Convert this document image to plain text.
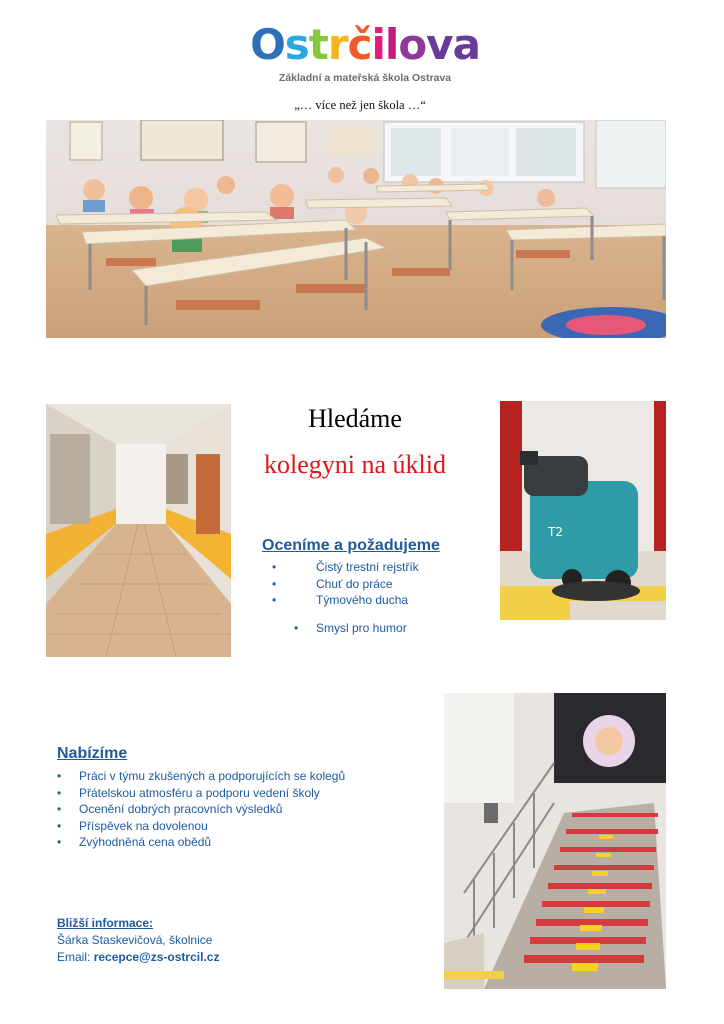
Ostrčilova
Základní a mateřská škola Ostrava
„… více než jen škola …“
Hledáme
kolegyni na úklid
T2
Oceníme a požadujeme
•	Čistý trestní rejstřík
•	Chuť do práce
•	Týmového ducha
• Smysl pro humor
Nabízíme
• Práci v týmu zkušených a podporujících se kolegů
• Přátelskou atmosféru a podporu vedení školy
• Ocenění dobrých pracovních výsledků
• Příspěvek na dovolenou
• Zvýhodněná cena obědů
Bližší informace:
Šárka Staskevičová, školnice
Email: recepce@zs-ostrcil.cz
